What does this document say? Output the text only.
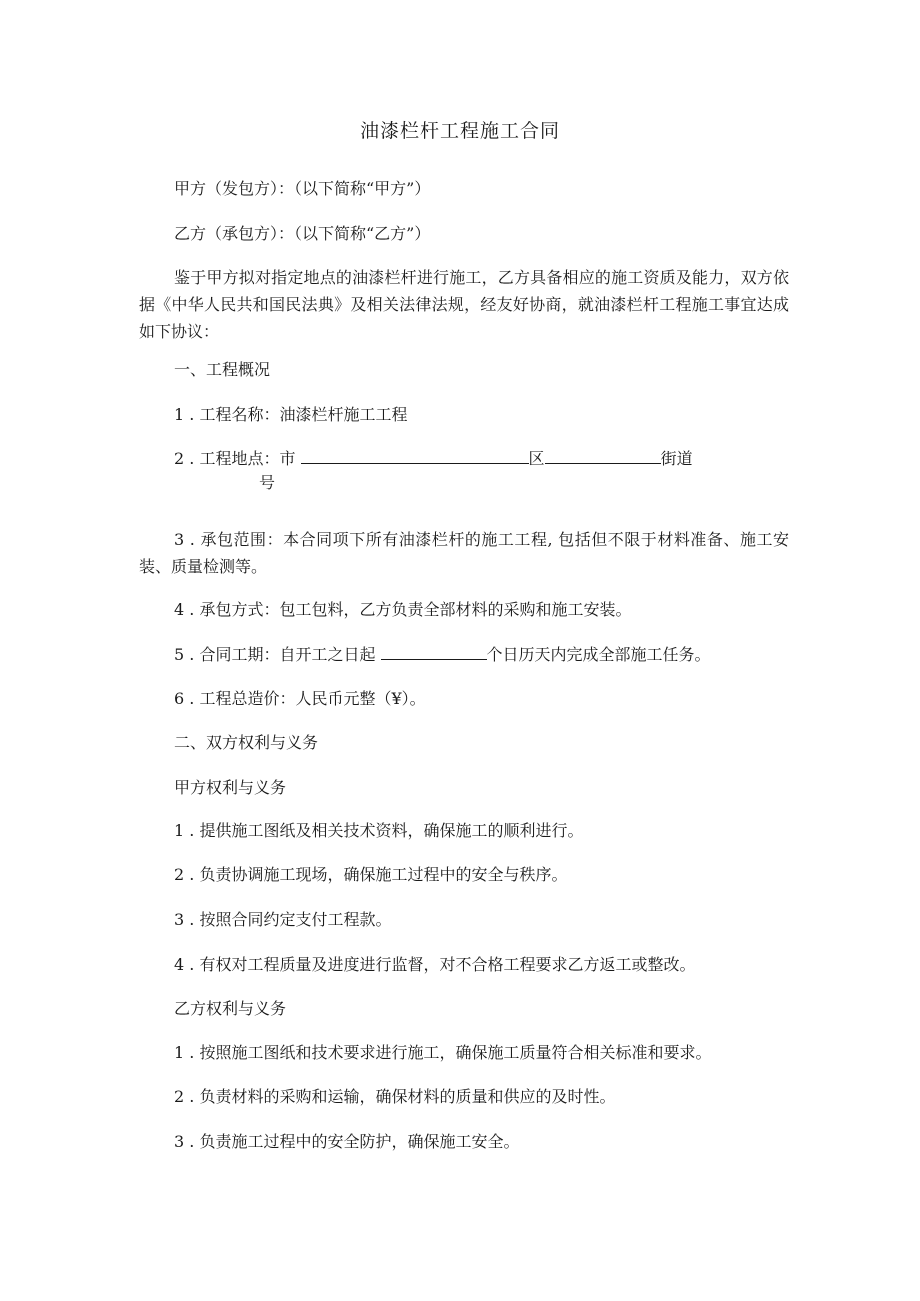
油漆栏杆工程施工合同
甲方（发包方）：（以下简称“甲方”）
乙方（承包方）：（以下简称“乙方”）
鉴于甲方拟对指定地点的油漆栏杆进行施工，乙方具备相应的施工资质及能力，双方依据《中华人民共和国民法典》及相关法律法规，经友好协商，就油漆栏杆工程施工事宜达成如下协议：
一、工程概况
1 . 工程名称：油漆栏杆施工工程
2 . 工程地点：市	区	街道
号
3 . 承包范围：本合同项下所有油漆栏杆的施工工程, 包括但不限于材料准备、施工安装、质量检测等。
4 . 承包方式：包工包料，乙方负责全部材料的采购和施工安装。
5 . 合同工期：自开工之日起	个日历天内完成全部施工任务。
6 . 工程总造价：人民币元整（¥）。
二、双方权利与义务
甲方权利与义务
1 . 提供施工图纸及相关技术资料，确保施工的顺利进行。
2 . 负责协调施工现场，确保施工过程中的安全与秩序。
3 . 按照合同约定支付工程款。
4 . 有权对工程质量及进度进行监督，对不合格工程要求乙方返工或整改。
乙方权利与义务
1 . 按照施工图纸和技术要求进行施工，确保施工质量符合相关标准和要求。
2 . 负责材料的采购和运输，确保材料的质量和供应的及时性。
3 . 负责施工过程中的安全防护，确保施工安全。
